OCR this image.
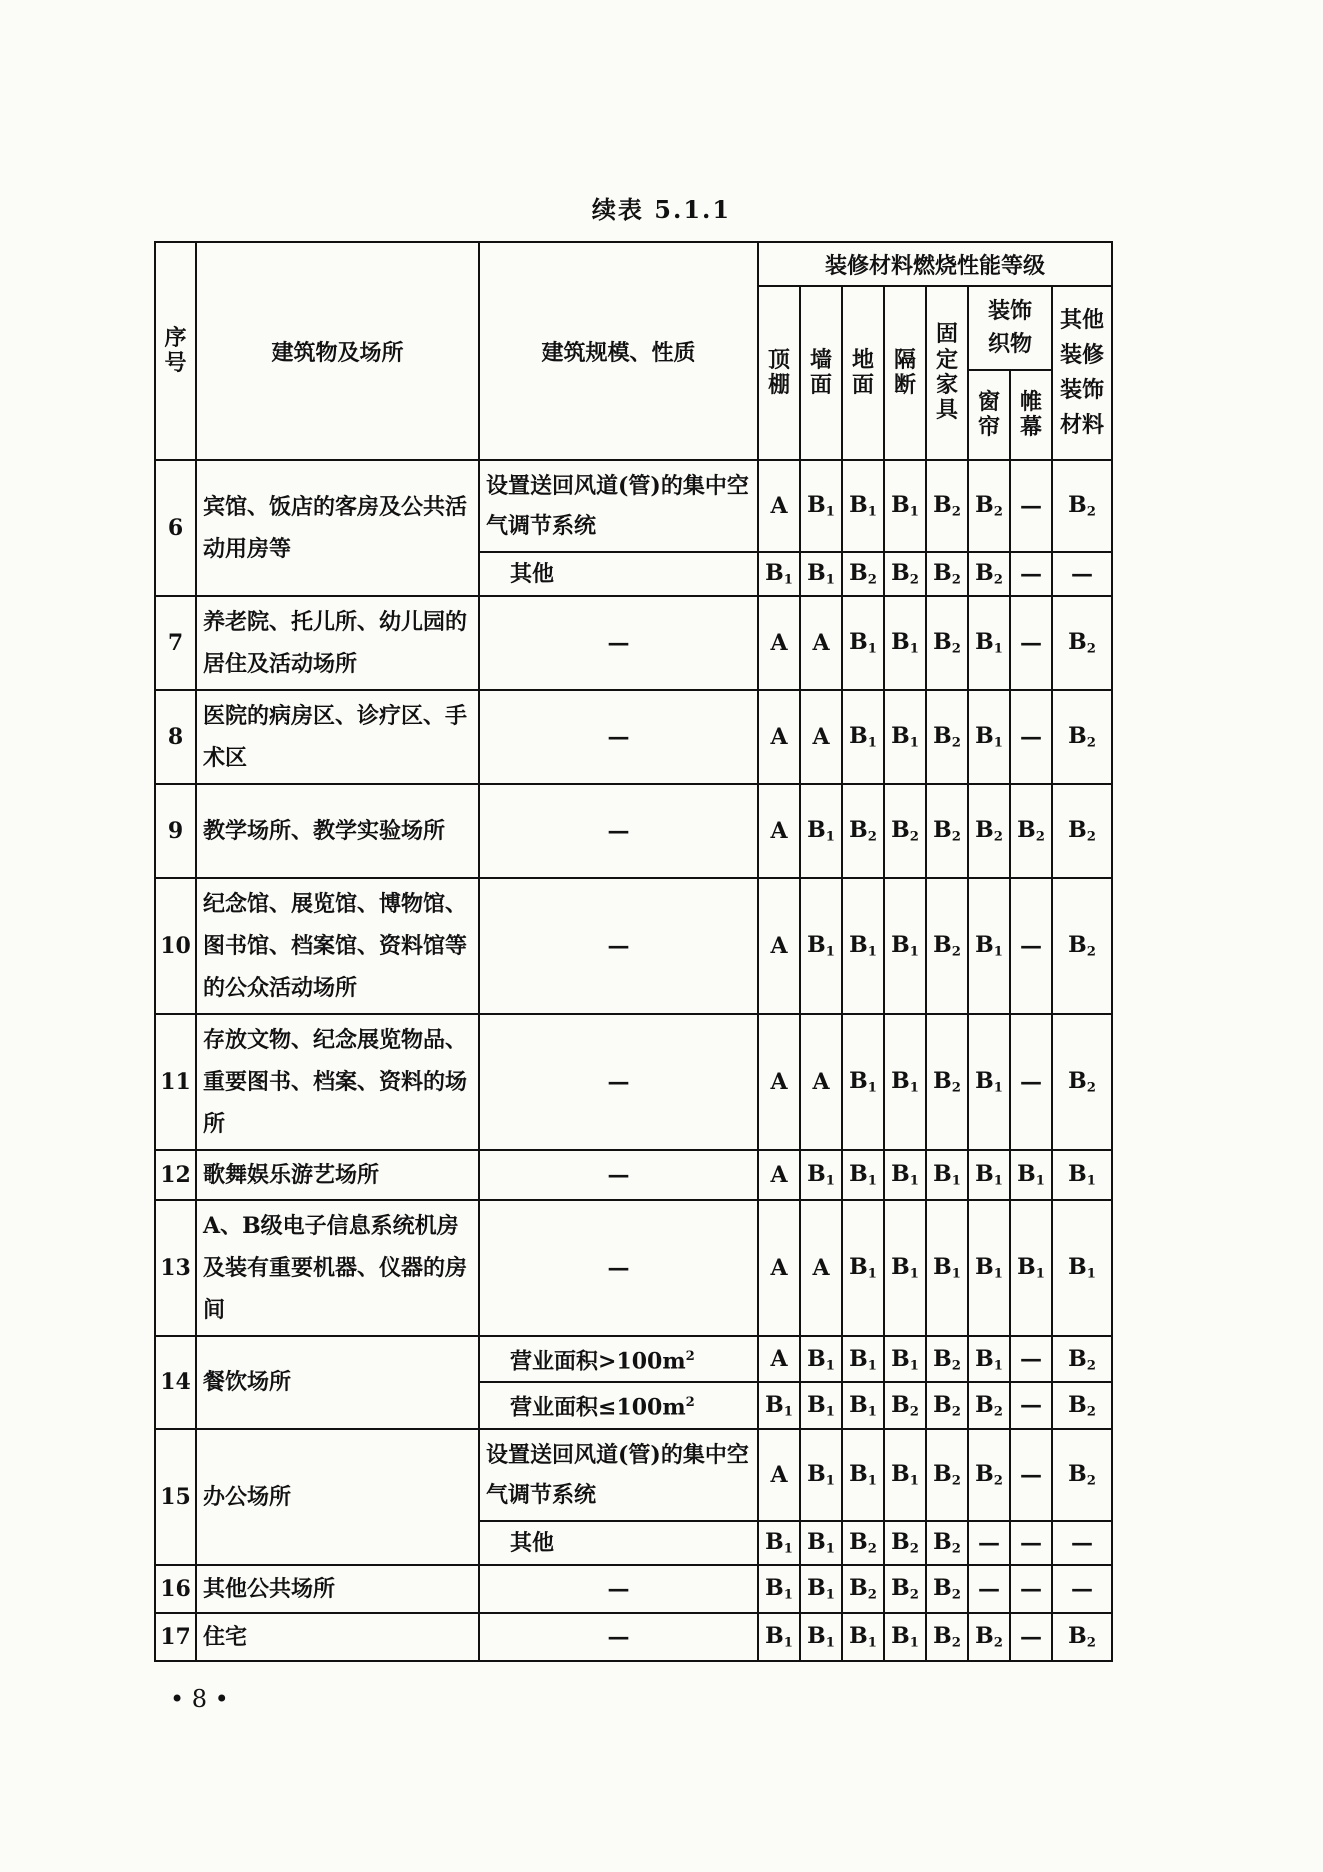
续表 5.1.1
序号	建筑物及场所	建筑规模、性质	装修材料燃烧性能等级							
			顶棚	墙面	地面	隔断	固定家具	装饰织物		其他装修装饰材料
								窗帘	帷幕	
6	宾馆、饭店的客房及公共活动用房等	设置送回风道(管)的集中空气调节系统	A	$B_1$	$B_1$	$B_1$	$B_2$	$B_2$	—	$B_2$
		其他	$B_1$	$B_1$	$B_2$	$B_2$	$B_2$	$B_2$	—	—
7	养老院、托儿所、幼儿园的居住及活动场所	—	A	A	$B_1$	$B_1$	$B_2$	$B_1$	—	$B_2$
8	医院的病房区、诊疗区、手术区	—	A	A	$B_1$	$B_1$	$B_2$	$B_1$	—	$B_2$
9	教学场所、教学实验场所	—	A	$B_1$	$B_2$	$B_2$	$B_2$	$B_2$	$B_2$	$B_2$
10	纪念馆、展览馆、博物馆、图书馆、档案馆、资料馆等的公众活动场所	—	A	$B_1$	$B_1$	$B_1$	$B_2$	$B_1$	—	$B_2$
11	存放文物、纪念展览物品、重要图书、档案、资料的场所	—	A	A	$B_1$	$B_1$	$B_2$	$B_1$	—	$B_2$
12	歌舞娱乐游艺场所	—	A	$B_1$	$B_1$	$B_1$	$B_1$	$B_1$	$B_1$	$B_1$
13	A、B级电子信息系统机房及装有重要机器、仪器的房间	—	A	A	$B_1$	$B_1$	$B_1$	$B_1$	$B_1$	$B_1$
14	餐饮场所	营业面积$>100m^2$	A	$B_1$	$B_1$	$B_1$	$B_2$	$B_1$	—	$B_2$
		营业面积$\le 100m^2$	$B_1$	$B_1$	$B_1$	$B_2$	$B_2$	$B_2$	—	$B_2$
15	办公场所	设置送回风道(管)的集中空气调节系统	A	$B_1$	$B_1$	$B_1$	$B_2$	$B_2$	—	$B_2$
		其他	$B_1$	$B_1$	$B_2$	$B_2$	$B_2$	—	—	—
16	其他公共场所	—	$B_1$	$B_1$	$B_2$	$B_2$	$B_2$	—	—	—
17	住宅	—	$B_1$	$B_1$	$B_1$	$B_1$	$B_2$	$B_2$	—	$B_2$
• 8 •
